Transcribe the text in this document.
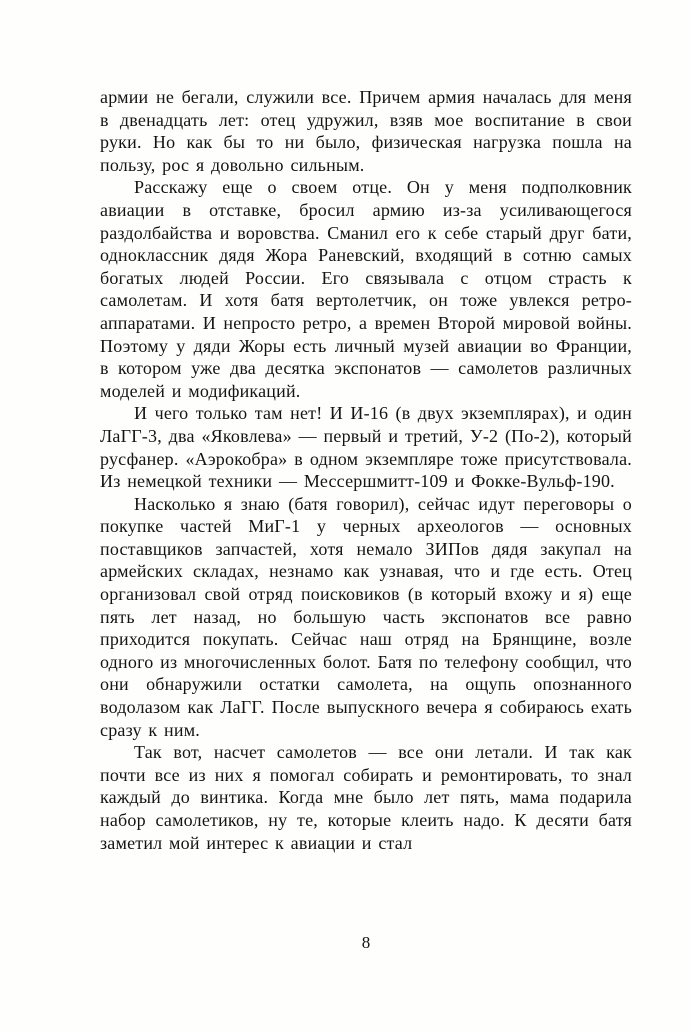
армии не бегали, служили все. Причем армия началась для меня в двенадцать лет: отец удружил, взяв мое воспитание в свои руки. Но как бы то ни было, физическая нагрузка пошла на пользу, рос я довольно сильным.

Расскажу еще о своем отце. Он у меня подполковник авиации в отставке, бросил армию из-за усиливающегося раздолбайства и воровства. Сманил его к себе старый друг бати, одноклассник дядя Жора Раневский, входящий в сотню самых богатых людей России. Его связывала с отцом страсть к самолетам. И хотя батя вертолетчик, он тоже увлекся ретро-аппаратами. И непросто ретро, а времен Второй мировой войны. Поэтому у дяди Жоры есть личный музей авиации во Франции, в котором уже два десятка экспонатов — самолетов различных моделей и модификаций.

И чего только там нет! И И-16 (в двух экземплярах), и один ЛаГГ-3, два «Яковлева» — первый и третий, У-2 (По-2), который русфанер. «Аэрокобра» в одном экземпляре тоже присутствовала. Из немецкой техники — Мессершмитт-109 и Фокке-Вульф-190.

Насколько я знаю (батя говорил), сейчас идут переговоры о покупке частей МиГ-1 у черных археологов — основных поставщиков запчастей, хотя немало ЗИПов дядя закупал на армейских складах, незнамо как узнавая, что и где есть. Отец организовал свой отряд поисковиков (в который вхожу и я) еще пять лет назад, но большую часть экспонатов все равно приходится покупать. Сейчас наш отряд на Брянщине, возле одного из многочисленных болот. Батя по телефону сообщил, что они обнаружили остатки самолета, на ощупь опознанного водолазом как ЛаГГ. После выпускного вечера я собираюсь ехать сразу к ним.

Так вот, насчет самолетов — все они летали. И так как почти все из них я помогал собирать и ремонтировать, то знал каждый до винтика. Когда мне было лет пять, мама подарила набор самолетиков, ну те, которые клеить надо. К десяти батя заметил мой интерес к авиации и стал

8
